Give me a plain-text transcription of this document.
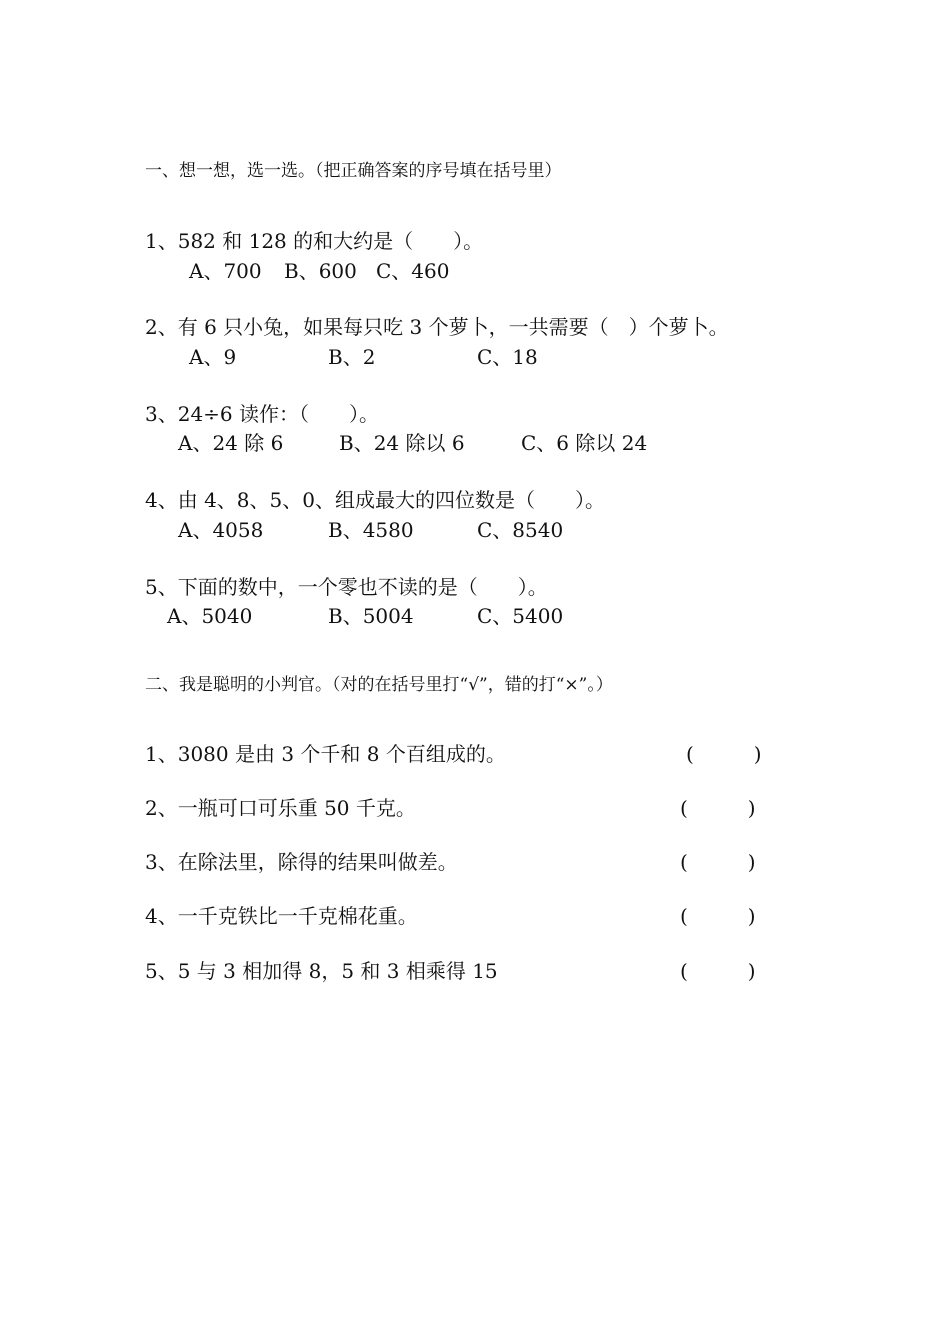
一、想一想，选一选。（把正确答案的序号填在括号里）
1、582 和 128 的和大约是（　　）。
A、700 B、600 C、460
2、有 6 只小兔，如果每只吃 3 个萝卜，一共需要（　）个萝卜。
A、9	B、2	C、18
3、24÷6 读作：（　　）。
A、24 除 6	B、24 除以 6	C、6 除以 24
4、由 4、8、5、0、组成最大的四位数是（　　）。
A、4058	B、4580	C、8540
5、下面的数中，一个零也不读的是（　　）。
A、5040	B、5004	C、5400
二、我是聪明的小判官。（对的在括号里打“√”，错的打“×”。）
1、3080 是由 3 个千和 8 个百组成的。	(　　　)
2、一瓶可口可乐重 50 千克。	(　　　)
3、在除法里，除得的结果叫做差。	(　　　)
4、一千克铁比一千克棉花重。	(　　　)
5、5 与 3 相加得 8，5 和 3 相乘得 15	(　　　)
